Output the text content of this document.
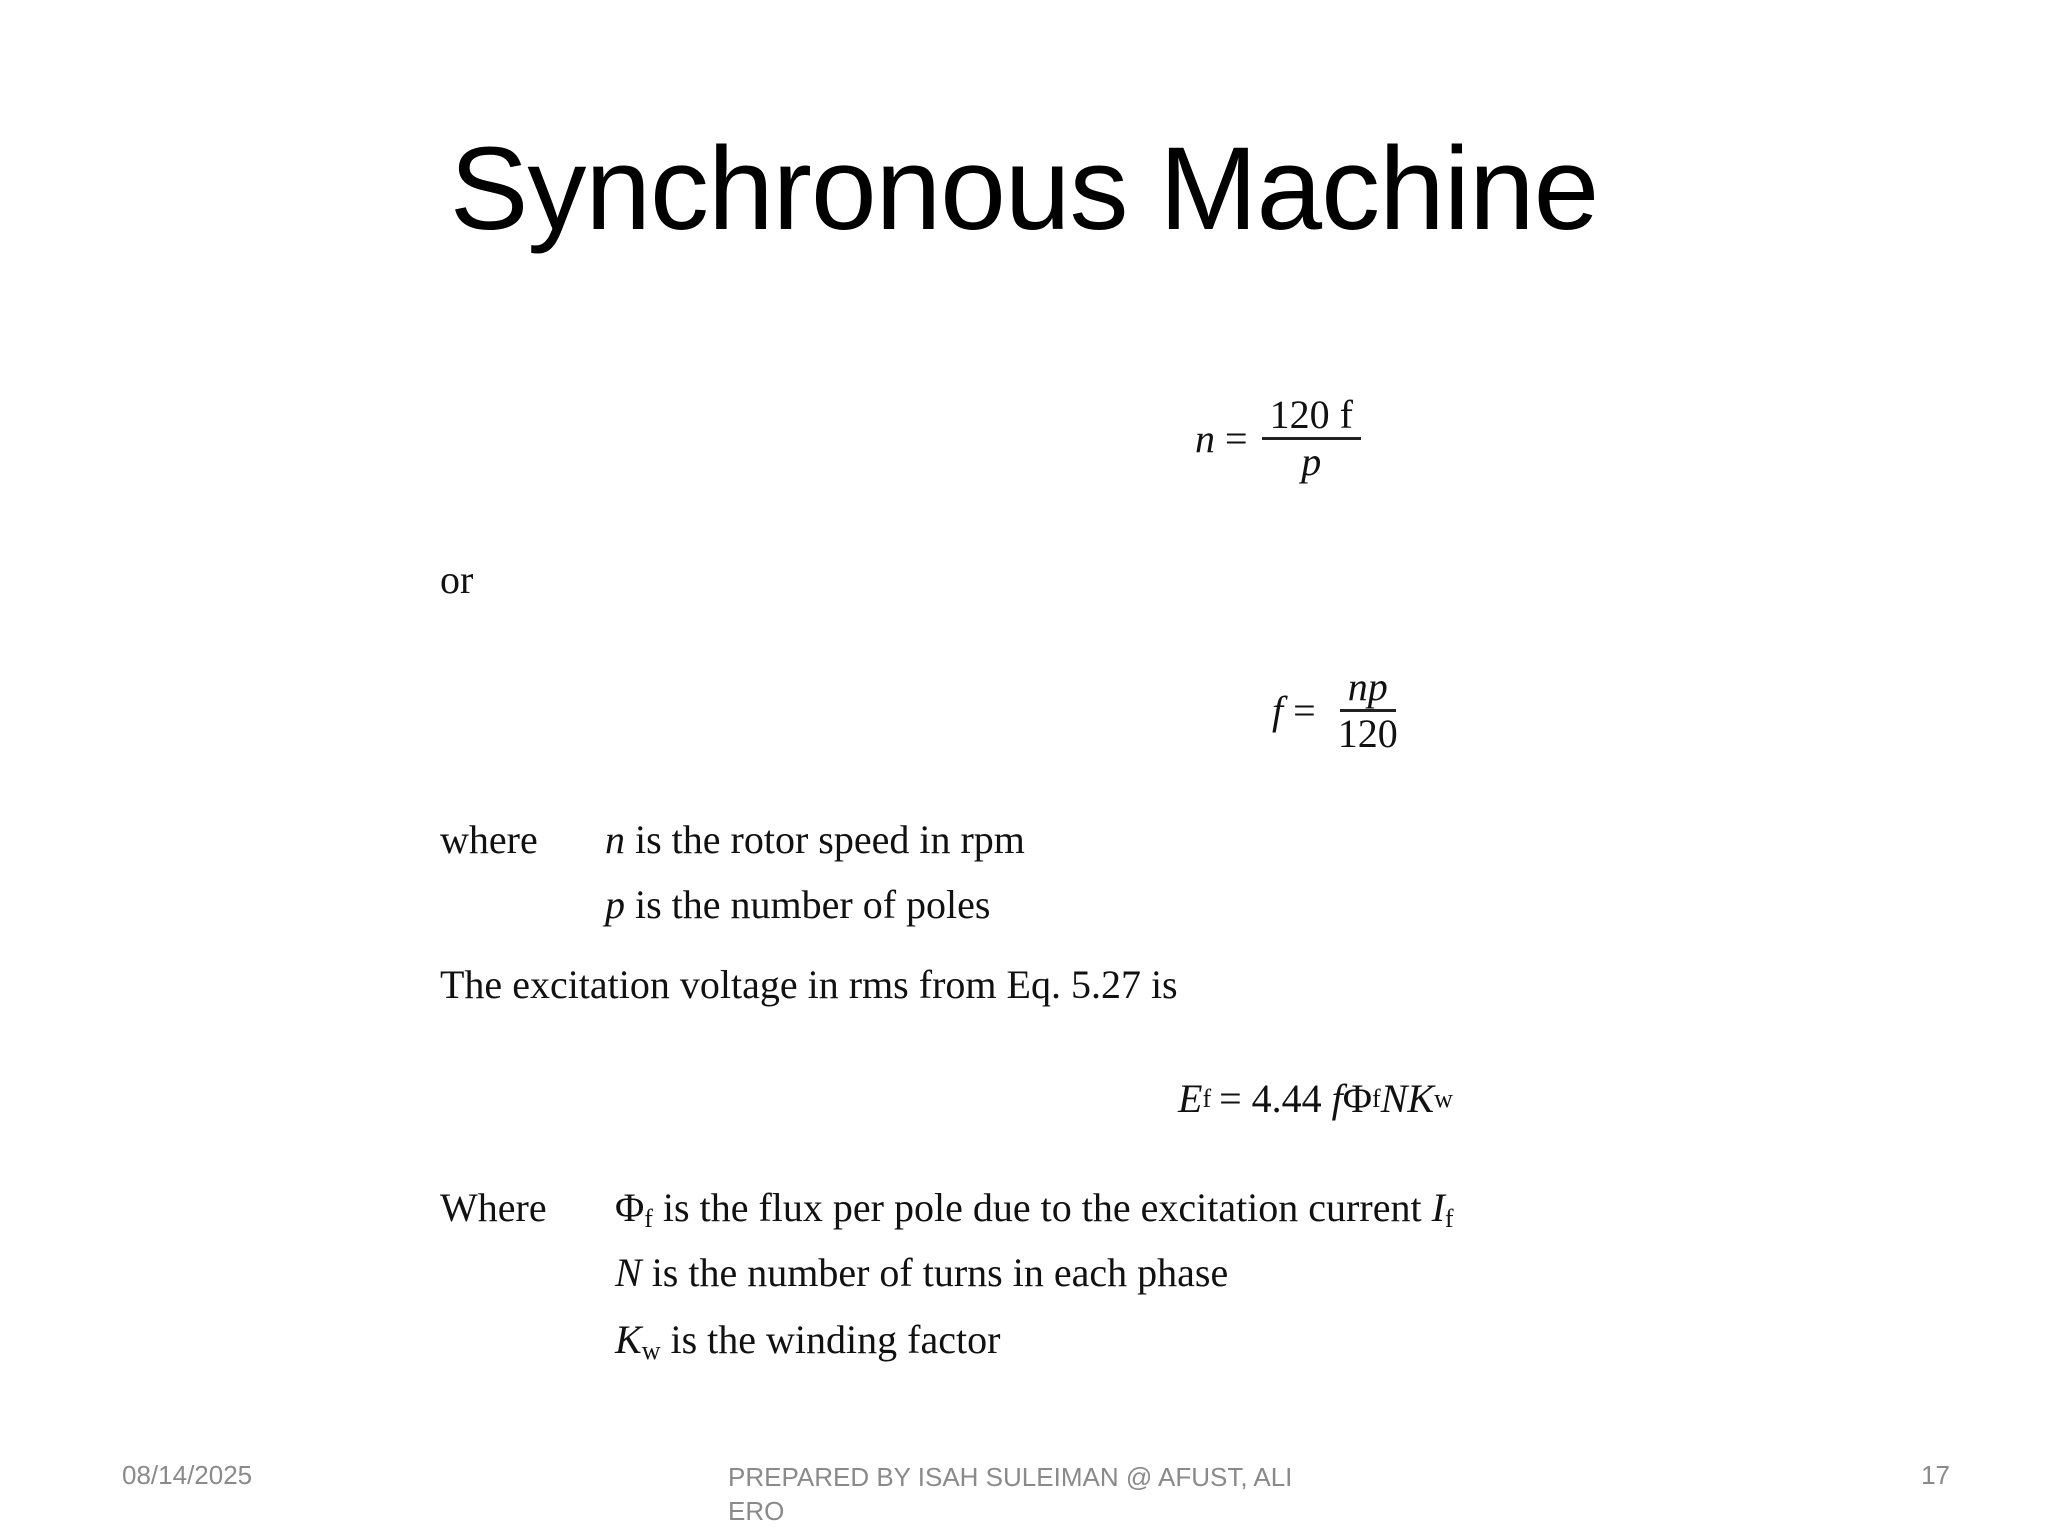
Synchronous Machine
$n = \frac{120 f}{p}$
or
$f = \frac{np}{120}$
where n is the rotor speed in rpm
p is the number of poles
The excitation voltage in rms from Eq. 5.27 is
E f = 4.44 f Φ f NK w
Where $\Phi_f$ is the flux per pole due to the excitation current $I_f$
N is the number of turns in each phase
$K_w$ is the winding factor
08/14/2025	PREPARED BY ISAH SULEIMAN @ AFUST, ALI ERO
17
